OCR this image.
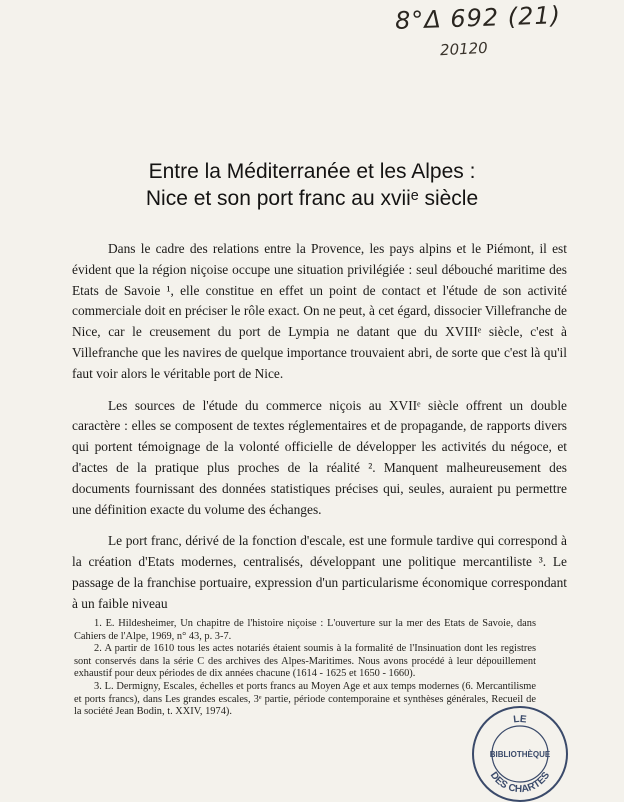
8°Δ 692 (21)
20120
Entre la Méditerranée et les Alpes :
Nice et son port franc au xviiᵉ siècle

Dans le cadre des relations entre la Provence, les pays alpins et le Piémont, il est évident que la région niçoise occupe une situation privilégiée : seul débouché maritime des Etats de Savoie ¹, elle constitue en effet un point de contact et l'étude de son activité commerciale doit en préciser le rôle exact. On ne peut, à cet égard, dissocier Villefranche de Nice, car le creusement du port de Lympia ne datant que du XVIIIᵉ siècle, c'est à Villefranche que les navires de quelque importance trouvaient abri, de sorte que c'est là qu'il faut voir alors le véritable port de Nice.

Les sources de l'étude du commerce niçois au XVIIᵉ siècle offrent un double caractère : elles se composent de textes réglementaires et de propagande, de rapports divers qui portent témoignage de la volonté officielle de développer les activités du négoce, et d'actes de la pratique plus proches de la réalité ². Manquent malheureusement des documents fournissant des données statistiques précises qui, seules, auraient pu permettre une définition exacte du volume des échanges.

Le port franc, dérivé de la fonction d'escale, est une formule tardive qui correspond à la création d'Etats modernes, centralisés, développant une politique mercantiliste ³. Le passage de la franchise portuaire, expression d'un particularisme économique correspondant à un faible niveau

1. E. Hildesheimer, Un chapitre de l'histoire niçoise : L'ouverture sur la mer des Etats de Savoie, dans Cahiers de l'Alpe, 1969, n° 43, p. 3-7.

2. A partir de 1610 tous les actes notariés étaient soumis à la formalité de l'Insinuation dont les registres sont conservés dans la série C des archives des Alpes-Maritimes. Nous avons procédé à leur dépouillement exhaustif pour deux périodes de dix années chacune (1614 - 1625 et 1650 - 1660).

3. L. Dermigny, Escales, échelles et ports francs au Moyen Age et aux temps modernes (6. Mercantilisme et ports francs), dans Les grandes escales, 3ᵉ partie, période contemporaine et synthèses générales, Recueil de la société Jean Bodin, t. XXIV, 1974).

LE
BIBLIOTHÈQUE
DES CHARTES
